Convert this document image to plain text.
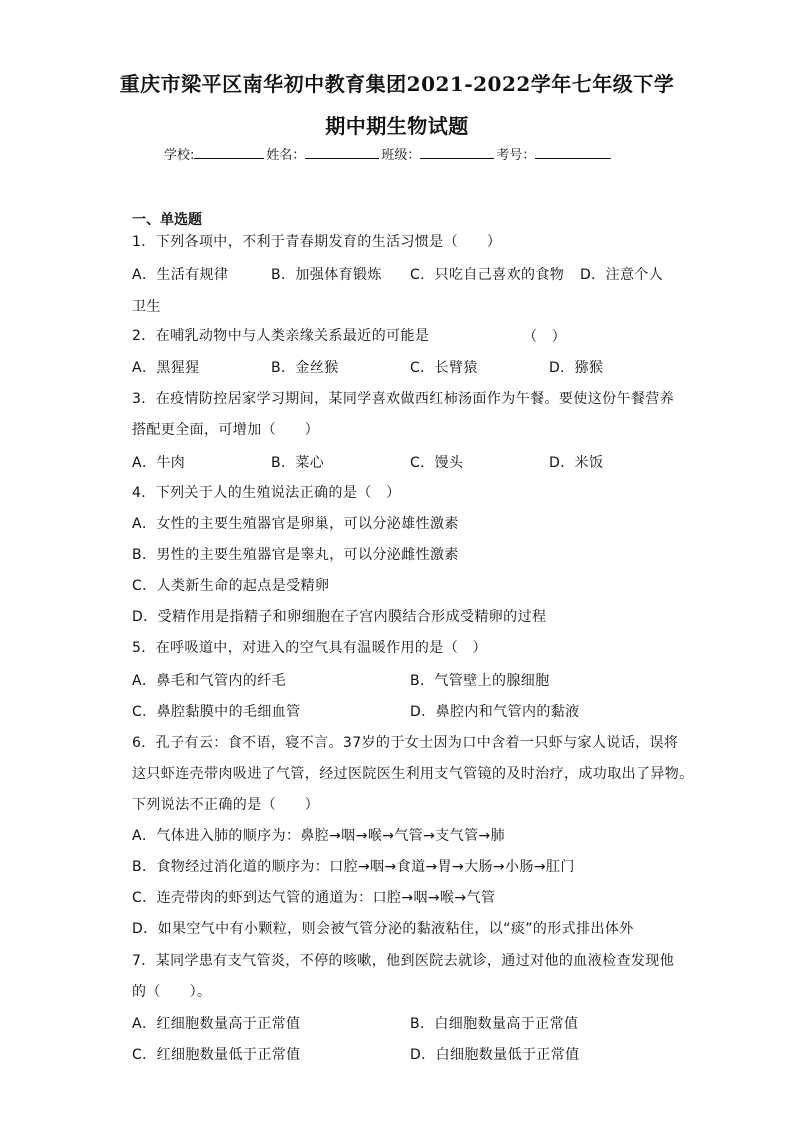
重庆市梁平区南华初中教育集团2021-2022学年七年级下学
期中期生物试题
学校:	姓名：	班级：	考号：
一、单选题
1．下列各项中，不利于青春期发育的生活习惯是（　　）
A．生活有规律	B．加强体育锻炼 C．只吃自己喜欢的食物 D．注意个人
卫生
2．在哺乳动物中与人类亲缘关系最近的可能是	（　）
A．黑猩猩	B．金丝猴	C．长臂猿	D．猕猴
3．在疫情防控居家学习期间，某同学喜欢做西红柿汤面作为午餐。要使这份午餐营养
搭配更全面，可增加（　　）
A．牛肉	B．菜心	C．馒头	D．米饭
4．下列关于人的生殖说法正确的是（　）
A．女性的主要生殖器官是卵巢，可以分泌雄性激素
B．男性的主要生殖器官是睾丸，可以分泌雌性激素
C．人类新生命的起点是受精卵
D．受精作用是指精子和卵细胞在子宫内膜结合形成受精卵的过程
5．在呼吸道中，对进入的空气具有温暖作用的是（　）
A．鼻毛和气管内的纤毛	B．气管壁上的腺细胞
C．鼻腔黏膜中的毛细血管	D．鼻腔内和气管内的黏液
6．孔子有云：食不语，寝不言。37岁的于女士因为口中含着一只虾与家人说话，误将
这只虾连壳带肉吸进了气管，经过医院医生利用支气管镜的及时治疗，成功取出了异物。
下列说法不正确的是（　　）
A．气体进入肺的顺序为：鼻腔→咽→喉→气管→支气管→肺
B．食物经过消化道的顺序为：口腔→咽→食道→胃→大肠→小肠→肛门
C．连壳带肉的虾到达气管的通道为：口腔→咽→喉→气管
D．如果空气中有小颗粒，则会被气管分泌的黏液粘住，以“痰”的形式排出体外
7．某同学患有支气管炎，不停的咳嗽，他到医院去就诊，通过对他的血液检查发现他
的（　　）。
A．红细胞数量高于正常值	B．白细胞数量高于正常值
C．红细胞数量低于正常值	D．白细胞数量低于正常值
